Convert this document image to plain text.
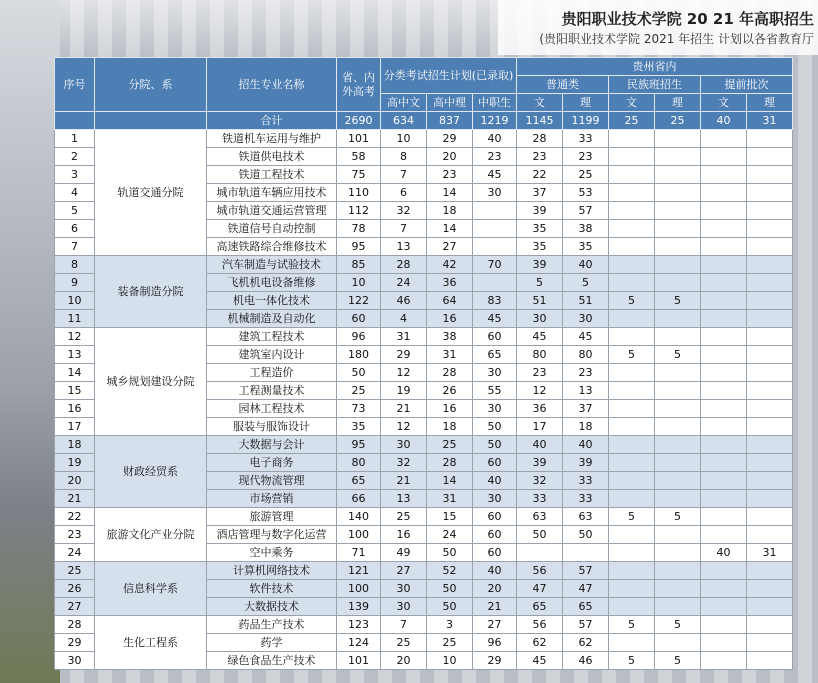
贵阳职业技术学院 20 21 年高职招生
(贵阳职业技术学院 2021 年招生 计划以各省教育厅
序号	分院、系	招生专业名称	省、内外高考	分类考试招生计划(已录取)			贵州省内					
							普通类		民族班招生		提前批次	
				高中文	高中理	中职生	文	理	文	理	文	理
		合计	2690	634	837	1219	1145	1199	25	25	40	31
1	轨道交通分院	铁道机车运用与维护	101	10	29	40	28	33				
2		铁道供电技术	58	8	20	23	23	23				
3		铁道工程技术	75	7	23	45	22	25				
4		城市轨道车辆应用技术	110	6	14	30	37	53				
5		城市轨道交通运营管理	112	32	18		39	57				
6		铁道信号自动控制	78	7	14		35	38				
7		高速铁路综合维修技术	95	13	27		35	35				
8	装备制造分院	汽车制造与试验技术	85	28	42	70	39	40				
9		飞机机电设备维修	10	24	36		5	5				
10		机电一体化技术	122	46	64	83	51	51	5	5		
11		机械制造及自动化	60	4	16	45	30	30				
12	城乡规划建设分院	建筑工程技术	96	31	38	60	45	45				
13		建筑室内设计	180	29	31	65	80	80	5	5		
14		工程造价	50	12	28	30	23	23				
15		工程测量技术	25	19	26	55	12	13				
16		园林工程技术	73	21	16	30	36	37				
17		服装与服饰设计	35	12	18	50	17	18				
18	财政经贸系	大数据与会计	95	30	25	50	40	40				
19		电子商务	80	32	28	60	39	39				
20		现代物流管理	65	21	14	40	32	33				
21		市场营销	66	13	31	30	33	33				
22	旅游文化产业分院	旅游管理	140	25	15	60	63	63	5	5		
23		酒店管理与数字化运营	100	16	24	60	50	50				
24		空中乘务	71	49	50	60					40	31
25	信息科学系	计算机网络技术	121	27	52	40	56	57				
26		软件技术	100	30	50	20	47	47				
27		大数据技术	139	30	50	21	65	65				
28	生化工程系	药品生产技术	123	7	3	27	56	57	5	5		
29		药学	124	25	25	96	62	62				
30		绿色食品生产技术	101	20	10	29	45	46	5	5		
